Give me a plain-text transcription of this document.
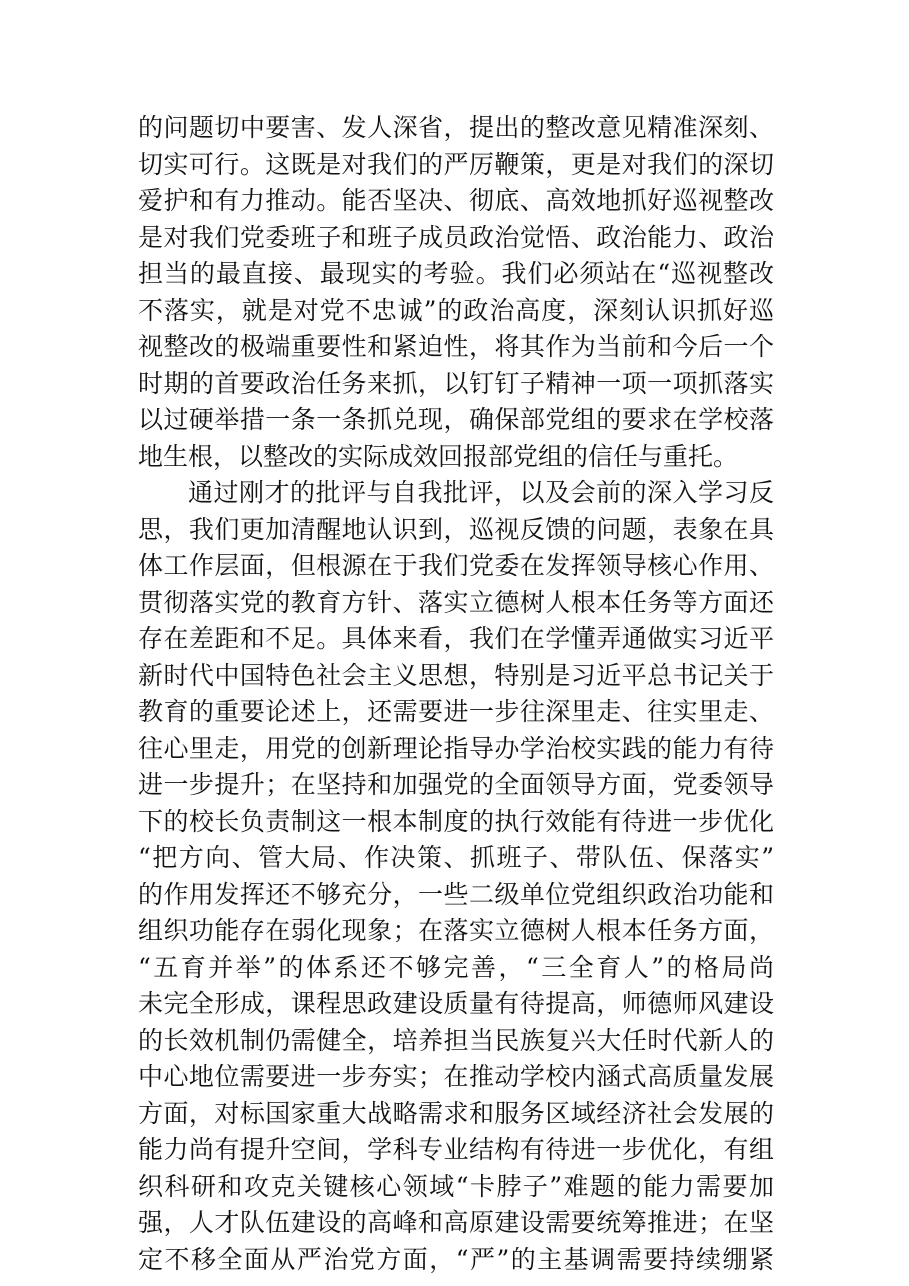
的问题切中要害、发人深省，提出的整改意见精准深刻、
切实可行。这既是对我们的严厉鞭策，更是对我们的深切
爱护和有力推动。能否坚决、彻底、高效地抓好巡视整改
是对我们党委班子和班子成员政治觉悟、政治能力、政治
担当的最直接、最现实的考验。我们必须站在“巡视整改
不落实，就是对党不忠诚”的政治高度，深刻认识抓好巡
视整改的极端重要性和紧迫性，将其作为当前和今后一个
时期的首要政治任务来抓，以钉钉子精神一项一项抓落实
以过硬举措一条一条抓兑现，确保部党组的要求在学校落
地生根，以整改的实际成效回报部党组的信任与重托。
通过刚才的批评与自我批评，以及会前的深入学习反
思，我们更加清醒地认识到，巡视反馈的问题，表象在具
体工作层面，但根源在于我们党委在发挥领导核心作用、
贯彻落实党的教育方针、落实立德树人根本任务等方面还
存在差距和不足。具体来看，我们在学懂弄通做实习近平
新时代中国特色社会主义思想，特别是习近平总书记关于
教育的重要论述上，还需要进一步往深里走、往实里走、
往心里走，用党的创新理论指导办学治校实践的能力有待
进一步提升；在坚持和加强党的全面领导方面，党委领导
下的校长负责制这一根本制度的执行效能有待进一步优化
“把方向、管大局、作决策、抓班子、带队伍、保落实”
的作用发挥还不够充分，一些二级单位党组织政治功能和
组织功能存在弱化现象；在落实立德树人根本任务方面，
“五育并举”的体系还不够完善，“三全育人”的格局尚
未完全形成，课程思政建设质量有待提高，师德师风建设
的长效机制仍需健全，培养担当民族复兴大任时代新人的
中心地位需要进一步夯实；在推动学校内涵式高质量发展
方面，对标国家重大战略需求和服务区域经济社会发展的
能力尚有提升空间，学科专业结构有待进一步优化，有组
织科研和攻克关键核心领域“卡脖子”难题的能力需要加
强，人才队伍建设的高峰和高原建设需要统筹推进；在坚
定不移全面从严治党方面，“严”的主基调需要持续绷紧
